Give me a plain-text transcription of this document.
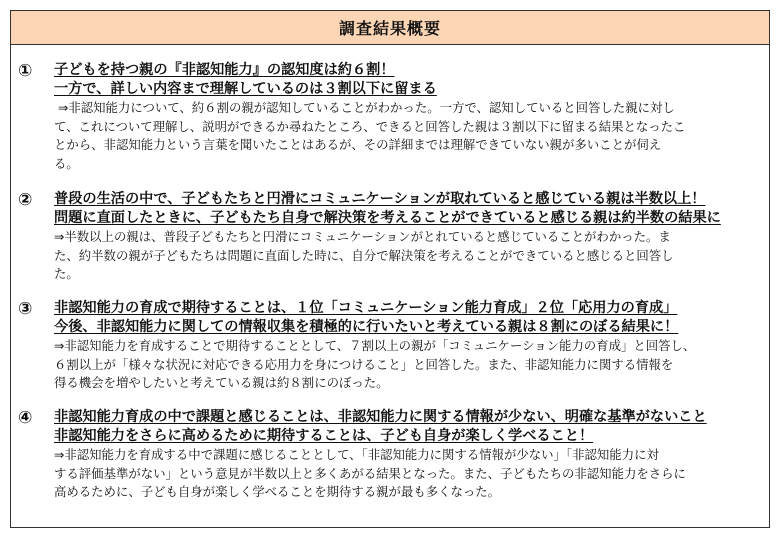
調査結果概要
① 子どもを持つ親の『非認知能力』の認知度は約６割！
一方で、詳しい内容まで理解しているのは３割以下に留まる
⇒非認知能力について、約６割の親が認知していることがわかった。一方で、認知していると回答した親に対し
て、これについて理解し、説明ができるか尋ねたところ、できると回答した親は３割以下に留まる結果となったこ
とから、非認知能力という言葉を聞いたことはあるが、その詳細までは理解できていない親が多いことが伺え
る。
② 普段の生活の中で、子どもたちと円滑にコミュニケーションが取れていると感じている親は半数以上！
問題に直面したときに、子どもたち自身で解決策を考えることができていると感じる親は約半数の結果に
⇒半数以上の親は、普段子どもたちと円滑にコミュニケーションがとれていると感じていることがわかった。ま
た、約半数の親が子どもたちは問題に直面した時に、自分で解決策を考えることができていると感じると回答し
た。
③ 非認知能力の育成で期待することは、１位「コミュニケーション能力育成」２位「応用力の育成」
今後、非認知能力に関しての情報収集を積極的に行いたいと考えている親は８割にのぼる結果に！
⇒非認知能力を育成することで期待することとして、７割以上の親が「コミュニケーション能力の育成」と回答し、
６割以上が「様々な状況に対応できる応用力を身につけること」と回答した。また、非認知能力に関する情報を
得る機会を増やしたいと考えている親は約８割にのぼった。
④ 非認知能力育成の中で課題と感じることは、非認知能力に関する情報が少ない、明確な基準がないこと
非認知能力をさらに高めるために期待することは、子ども自身が楽しく学べること！
⇒非認知能力を育成する中で課題に感じることとして、「非認知能力に関する情報が少ない」「非認知能力に対
する評価基準がない」という意見が半数以上と多くあがる結果となった。また、子どもたちの非認知能力をさらに
高めるために、子ども自身が楽しく学べることを期待する親が最も多くなった。
